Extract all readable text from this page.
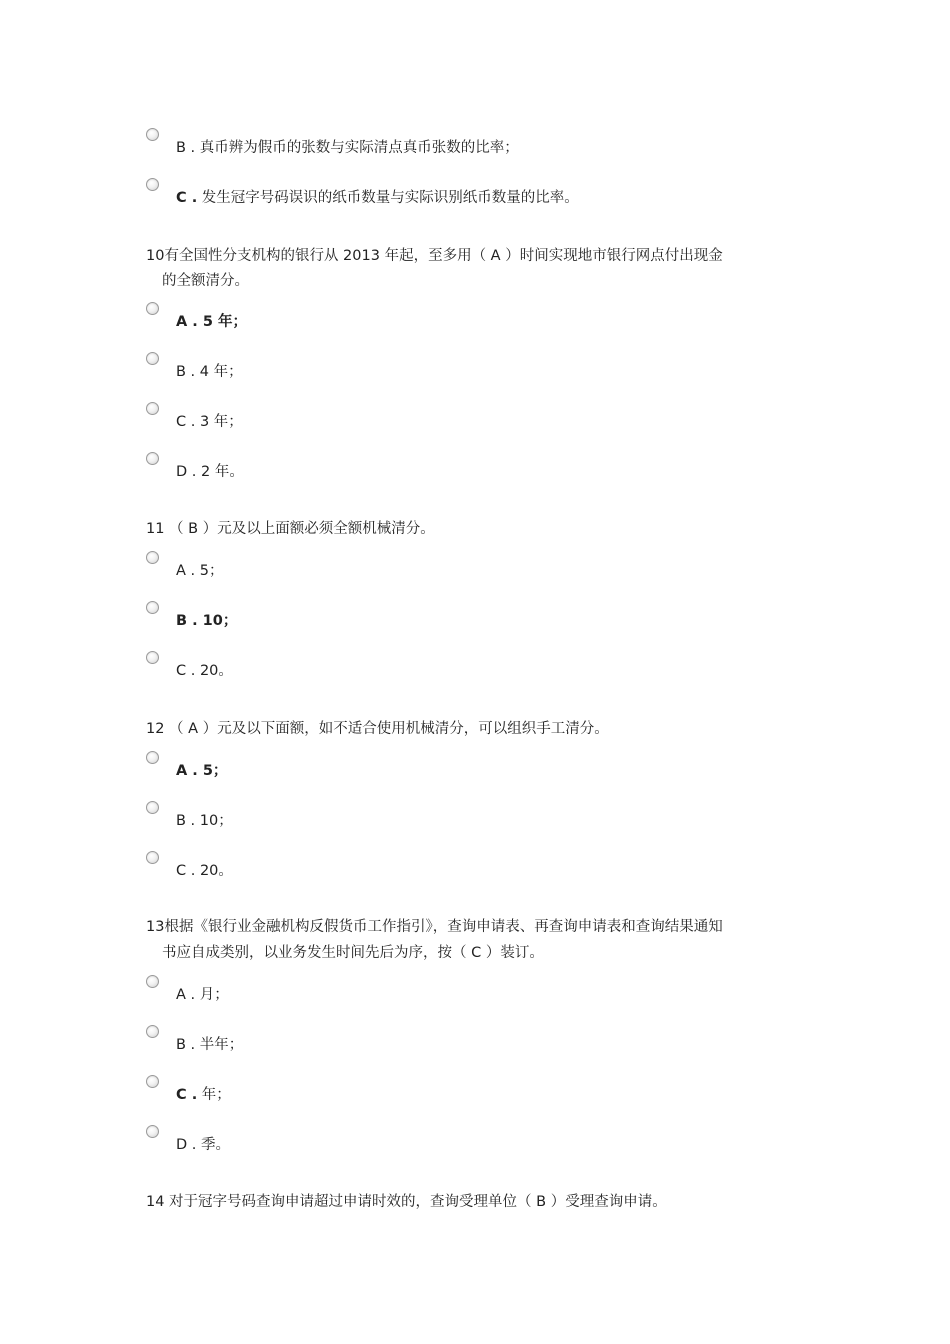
B . 真币辨为假币的张数与实际清点真币张数的比率；
C . 发生冠字号码误识的纸币数量与实际识别纸币数量的比率。
10有全国性分支机构的银行从 2013 年起，至多用（ A ）时间实现地市银行网点付出现金
的全额清分。
A . 5 年；
B . 4 年；
C . 3 年；
D . 2 年。
11 （ B ）元及以上面额必须全额机械清分。
A . 5；
B . 10；
C . 20。
12 （ A ）元及以下面额，如不适合使用机械清分，可以组织手工清分。
A . 5；
B . 10；
C . 20。
13根据《银行业金融机构反假货币工作指引》，查询申请表、再查询申请表和查询结果通知
书应自成类别，以业务发生时间先后为序，按（ C ）装订。
A . 月；
B . 半年；
C . 年；
D . 季。
14 对于冠字号码查询申请超过申请时效的，查询受理单位（ B ）受理查询申请。
